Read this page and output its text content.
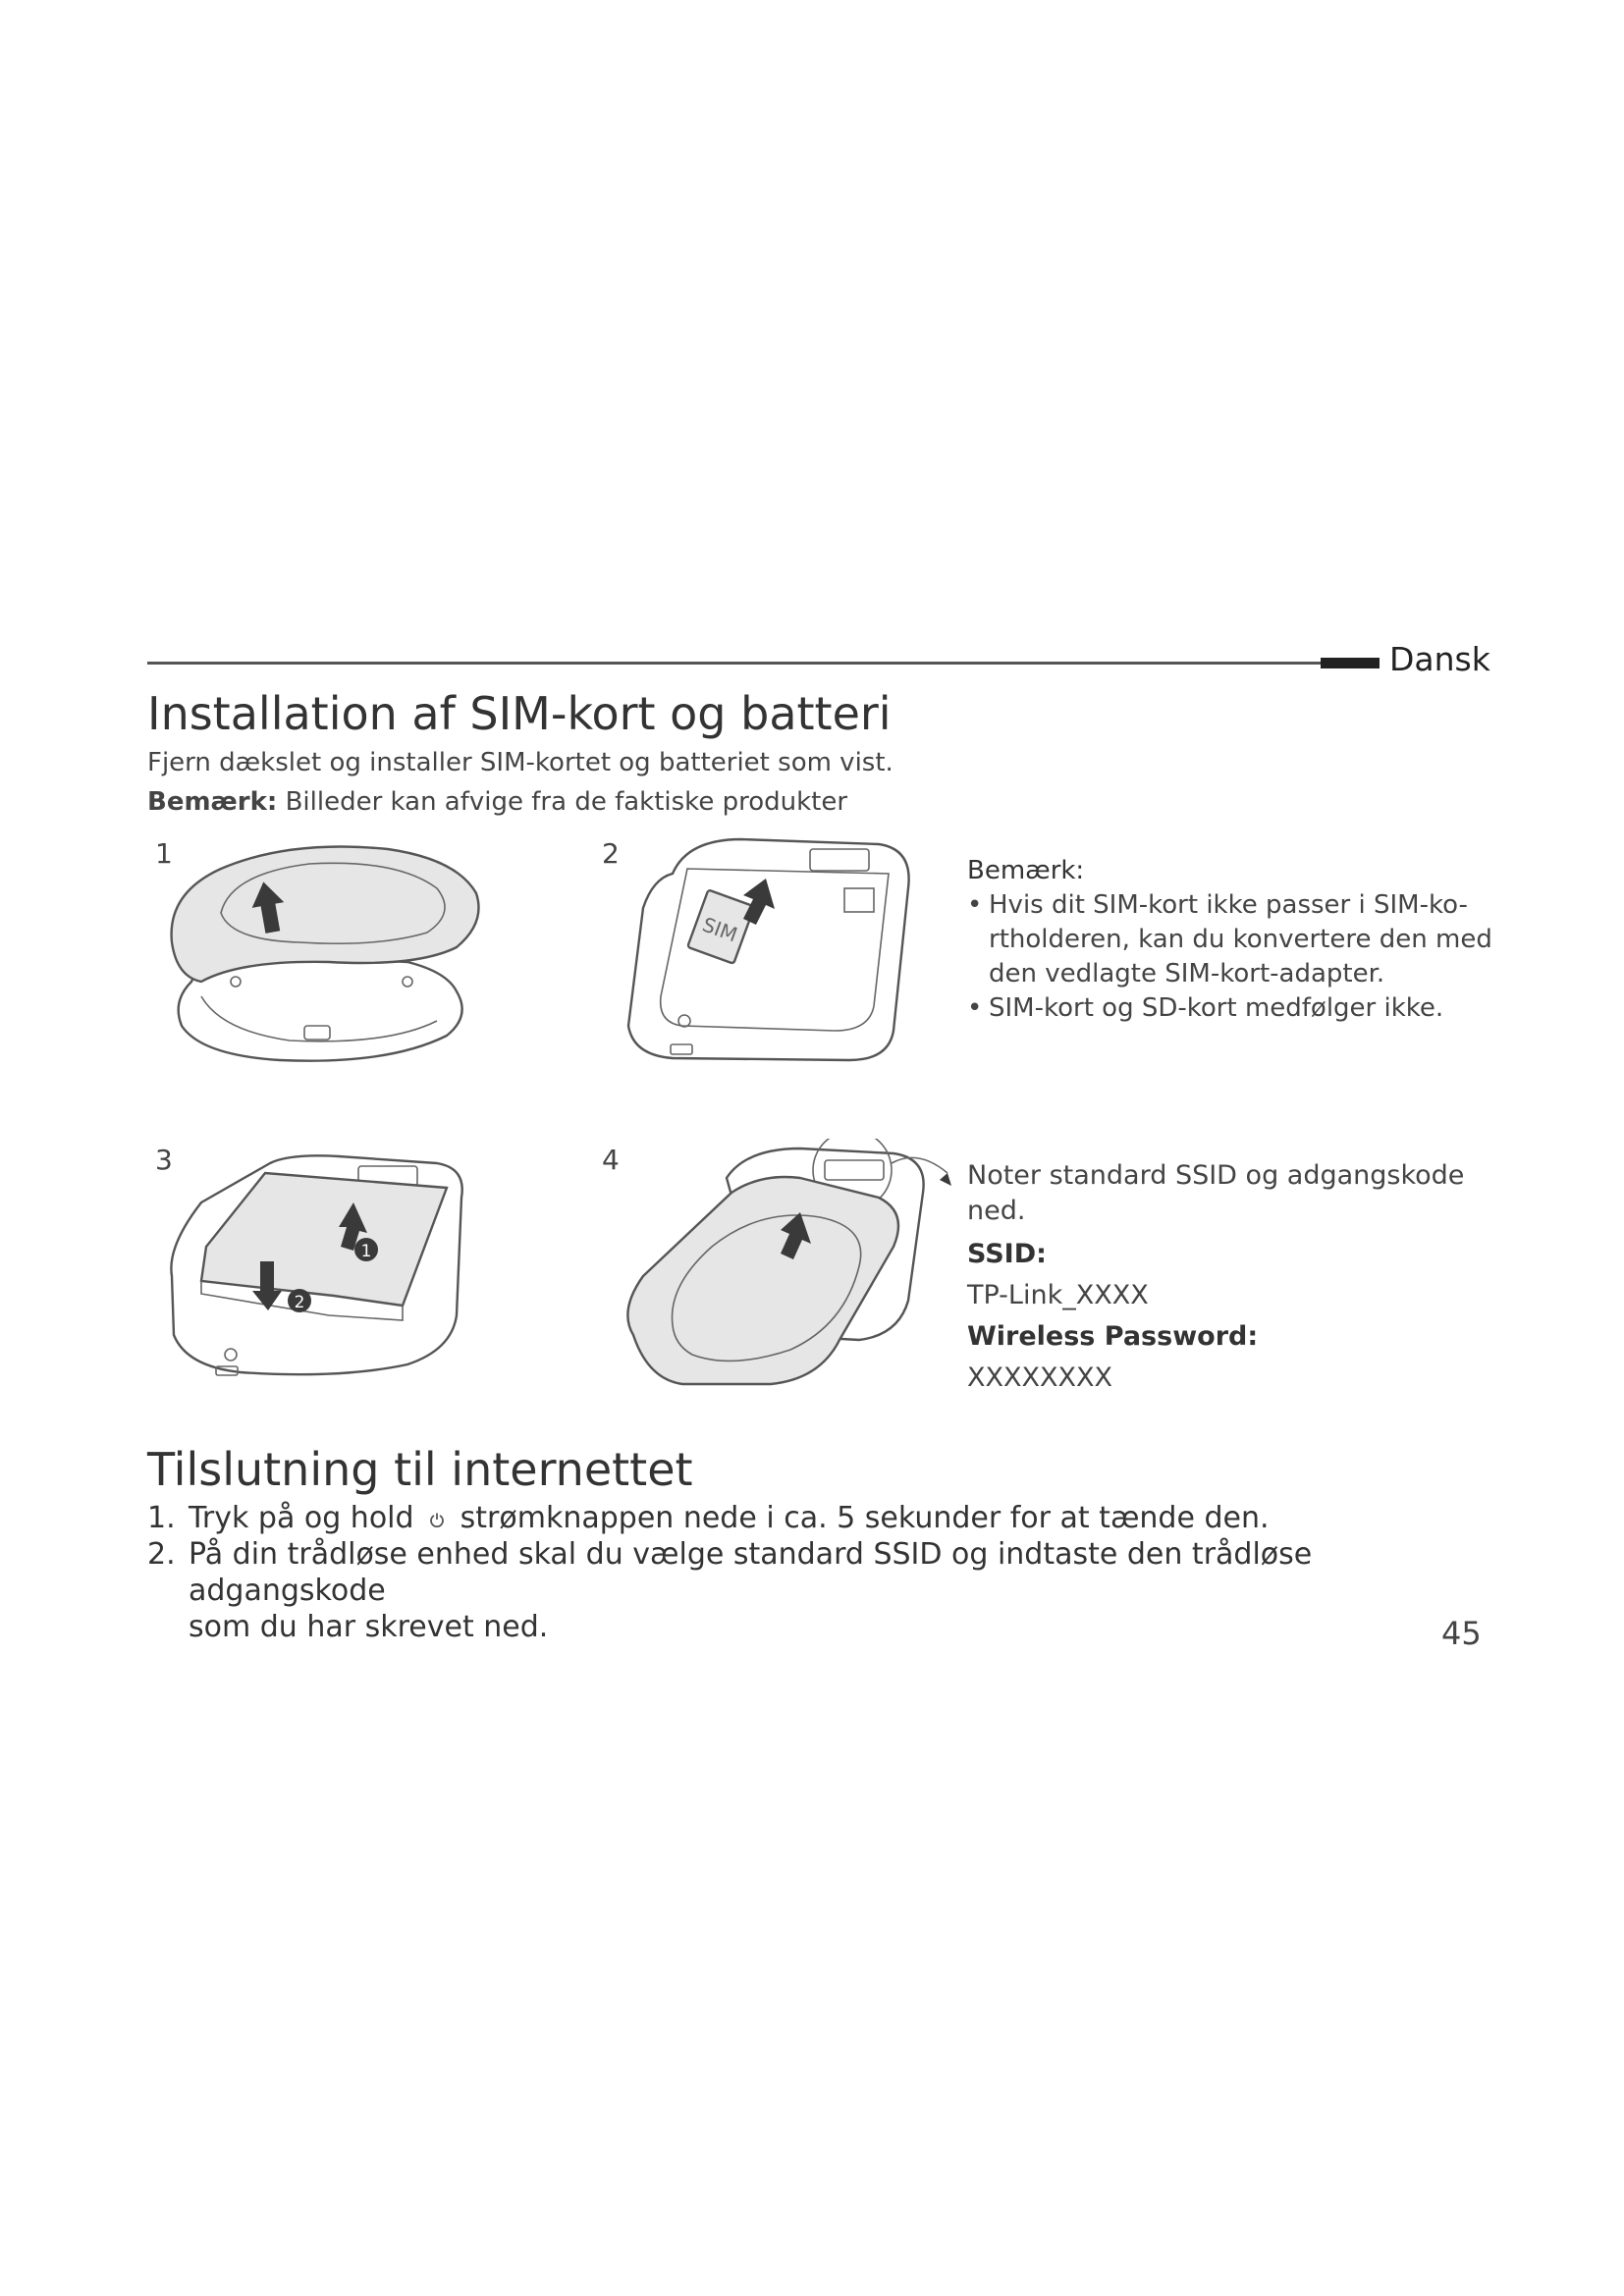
Dansk
Installation af SIM-kort og batteri
Fjern dækslet og installer SIM-kortet og batteriet som vist.
Bemærk: Billeder kan afvige fra de faktiske produkter
1	2
3	4
SIM
1
2
Bemærk:
• Hvis dit SIM-kort ikke passer i SIM-ko-
rtholderen, kan du konvertere den med
den vedlagte SIM-kort-adapter.
• SIM-kort og SD-kort medfølger ikke.
Noter standard SSID og adgangskode
ned.
SSID:
TP-Link_XXXX
Wireless Password:
XXXXXXXX
Tilslutning til internettet
1. Tryk på og hold strømknappen nede i ca. 5 sekunder for at tænde den.
2. På din trådløse enhed skal du vælge standard SSID og indtaste den trådløse adgangskode
som du har skrevet ned.	45
